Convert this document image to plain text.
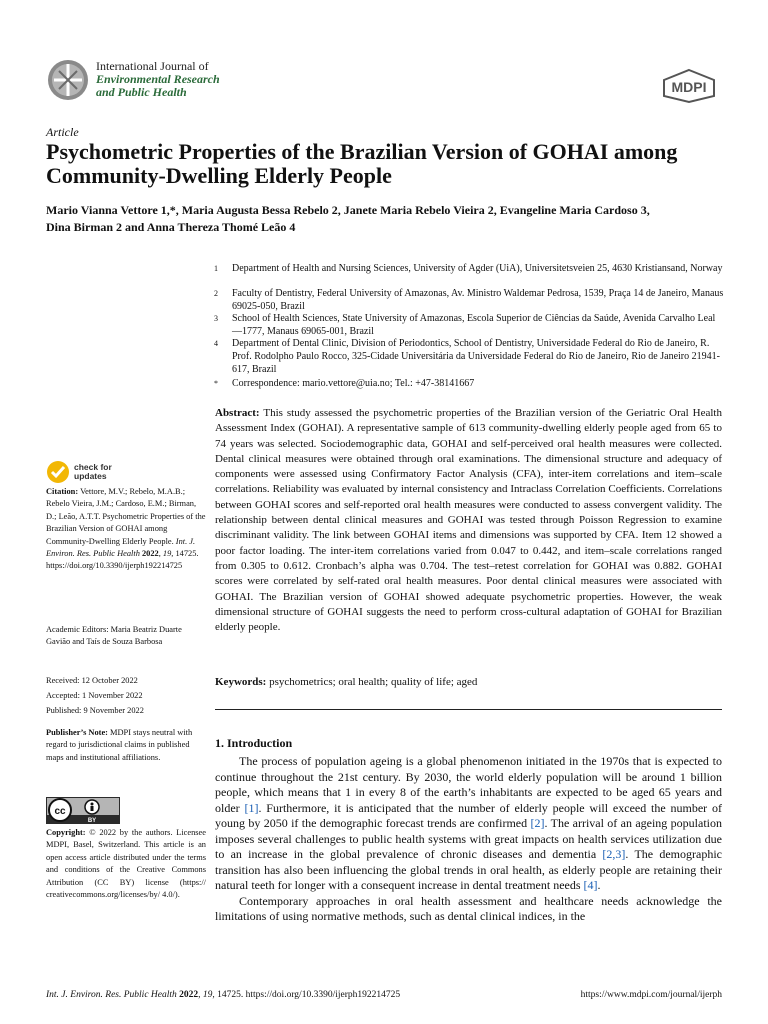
International Journal of
Environmental Research
and Public Health	MDPI
Article
Psychometric Properties of the Brazilian Version of GOHAI among Community-Dwelling Elderly People
Mario Vianna Vettore 1,*, Maria Augusta Bessa Rebelo 2, Janete Maria Rebelo Vieira 2, Evangeline Maria Cardoso 3,
Dina Birman 2 and Anna Thereza Thomé Leão 4
1 Department of Health and Nursing Sciences, University of Agder (UiA), Universitetsveien 25, 4630 Kristiansand, Norway
2 Faculty of Dentistry, Federal University of Amazonas, Av. Ministro Waldemar Pedrosa, 1539, Praça 14 de Janeiro, Manaus 69025-050, Brazil
3 School of Health Sciences, State University of Amazonas, Escola Superior de Ciências da Saúde, Avenida Carvalho Leal—1777, Manaus 69065-001, Brazil
4 Department of Dental Clinic, Division of Periodontics, School of Dentistry, Universidade Federal do Rio de Janeiro, R. Prof. Rodolpho Paulo Rocco, 325-Cidade Universitária da Universidade Federal do Rio de Janeiro, Rio de Janeiro 21941-617, Brazil
* Correspondence: mario.vettore@uia.no; Tel.: +47-38141667
Abstract: This study assessed the psychometric properties of the Brazilian version of the Geriatric Oral Health Assessment Index (GOHAI). A representative sample of 613 community-dwelling elderly people aged from 65 to 74 years was selected. Sociodemographic data, GOHAI and self-perceived oral health measures were collected. Dental clinical measures were obtained through oral examinations. The dimensional structure and adequacy of components were assessed using Confirmatory Factor Analysis (CFA), inter-item correlations and item–scale correlations. Reliability was evaluated by internal consistency and Intraclass Correlation Coefficients. Correlations between GOHAI scores and self-reported oral health measures were conducted to assess convergent validity. The relationship between dental clinical measures and GOHAI was tested through Poisson Regression to examine discriminant validity. The link between GOHAI items and dimensions was supported by CFA. Item 12 showed a poor factor loading. The inter-item correlations varied from 0.047 to 0.442, and item–scale correlations ranged from 0.305 to 0.612. Cronbach’s alpha was 0.704. The test–retest correlation for GOHAI was 0.882. GOHAI scores were correlated by self-rated oral health measures. Poor dental clinical measures were associated with GOHAI. The Brazilian version of GOHAI showed adequate psychometric properties. However, the weak dimensional structure of GOHAI suggests the need to perform cross-cultural adaptation of GOHAI for Brazilian elderly people.
Keywords: psychometrics; oral health; quality of life; aged
1. Introduction

The process of population ageing is a global phenomenon initiated in the 1970s that is expected to continue throughout the 21st century. By 2030, the world elderly population will be around 1 billion people, which means that 1 in every 8 of the earth’s inhabitants are expected to be aged 65 years and older [1]. Furthermore, it is anticipated that the number of elderly people will exceed the number of young by 2050 if the demographic forecast trends are confirmed [2]. The arrival of an ageing population imposes several challenges to public health systems with great impacts on health services utilization due to an increase in the global prevalence of chronic diseases and dementia [2,3]. The demographic transition has also been influencing the global trends in oral health, as elderly people are retaining their natural teeth for longer with a consequent increase in dental treatment needs [4].

Contemporary approaches in oral health assessment and healthcare needs acknowledge the limitations of using normative methods, such as dental clinical indices, in the

check for updates
Citation: Vettore, M.V.; Rebelo, M.A.B.; Rebelo Vieira, J.M.; Cardoso, E.M.; Birman, D.; Leão, A.T.T. Psychometric Properties of the Brazilian Version of GOHAI among Community-Dwelling Elderly People. Int. J. Environ. Res. Public Health 2022, 19, 14725. https://doi.org/10.3390/ijerph192214725
Academic Editors: Maria Beatriz Duarte Gavião and Taís de Souza Barbosa
Received: 12 October 2022
Accepted: 1 November 2022
Published: 9 November 2022
Publisher’s Note: MDPI stays neutral with regard to jurisdictional claims in published maps and institutional affiliations.
cc
BY
Copyright: © 2022 by the authors. Licensee MDPI, Basel, Switzerland. This article is an open access article distributed under the terms and conditions of the Creative Commons Attribution (CC BY) license (https:// creativecommons.org/licenses/by/ 4.0/).
Int. J. Environ. Res. Public Health 2022, 19, 14725. https://doi.org/10.3390/ijerph192214725	https://www.mdpi.com/journal/ijerph
